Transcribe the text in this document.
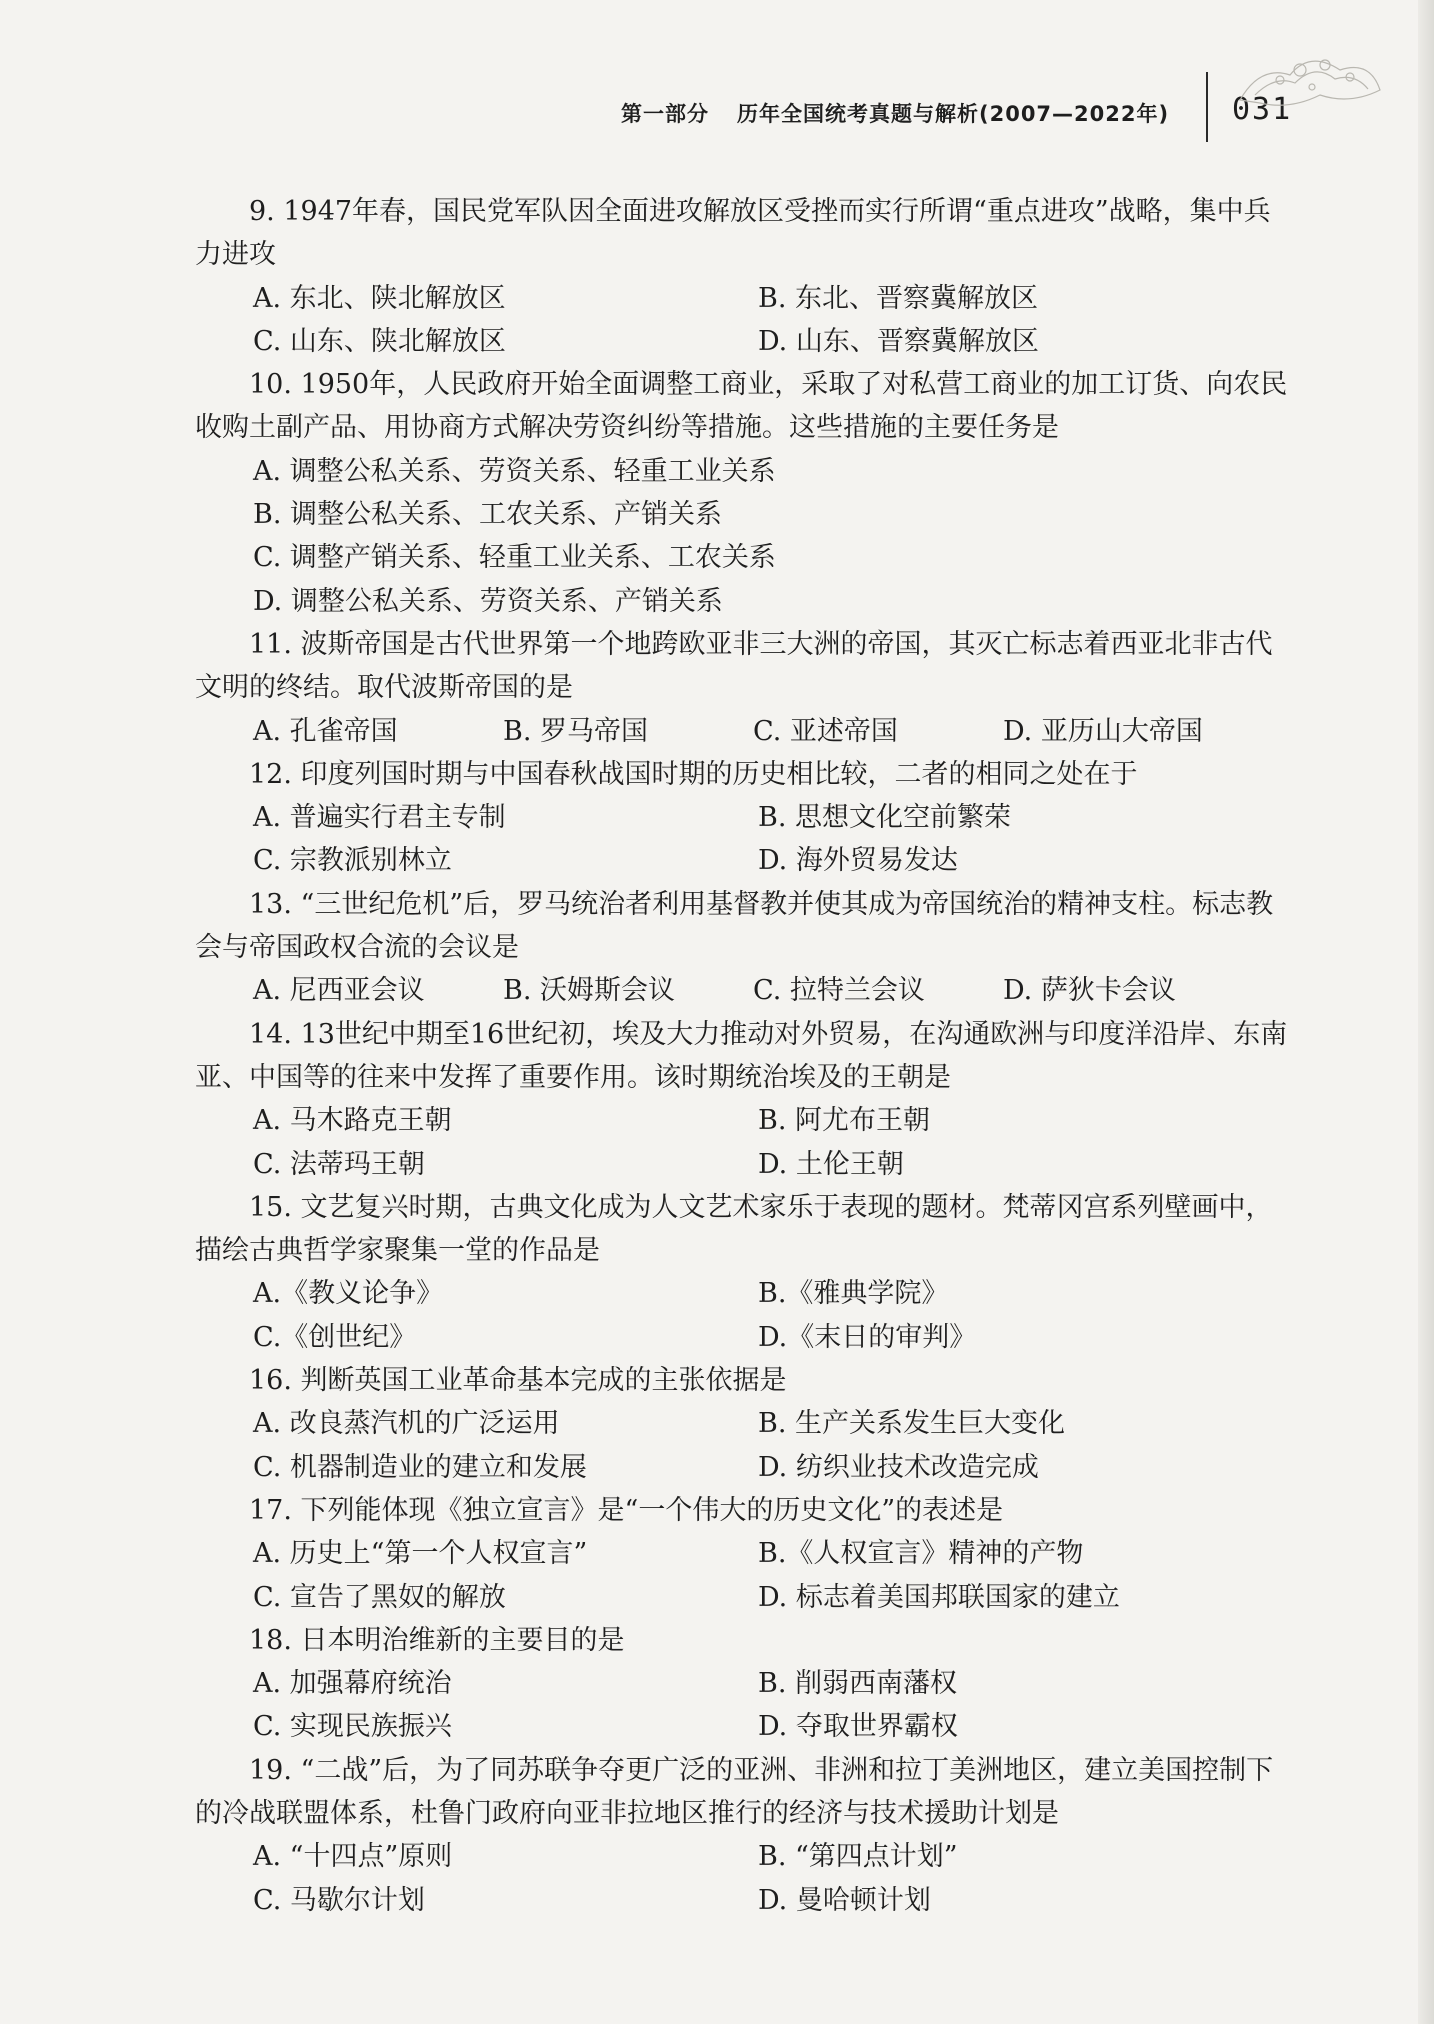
第一部分 历年全国统考真题与解析(2007—2022年) 031

9. 1947年春，国民党军队因全面进攻解放区受挫而实行所谓“重点进攻”战略，集中兵力进攻

A. 东北、陕北解放区	B. 东北、晋察冀解放区
C. 山东、陕北解放区	D. 山东、晋察冀解放区

10. 1950年，人民政府开始全面调整工商业，采取了对私营工商业的加工订货、向农民收购土副产品、用协商方式解决劳资纠纷等措施。这些措施的主要任务是

A. 调整公私关系、劳资关系、轻重工业关系
B. 调整公私关系、工农关系、产销关系
C. 调整产销关系、轻重工业关系、工农关系
D. 调整公私关系、劳资关系、产销关系

11. 波斯帝国是古代世界第一个地跨欧亚非三大洲的帝国，其灭亡标志着西亚北非古代文明的终结。取代波斯帝国的是

A. 孔雀帝国	B. 罗马帝国	C. 亚述帝国	D. 亚历山大帝国

12. 印度列国时期与中国春秋战国时期的历史相比较，二者的相同之处在于

A. 普遍实行君主专制	B. 思想文化空前繁荣
C. 宗教派别林立	D. 海外贸易发达

13. “三世纪危机”后，罗马统治者利用基督教并使其成为帝国统治的精神支柱。标志教会与帝国政权合流的会议是

A. 尼西亚会议	B. 沃姆斯会议	C. 拉特兰会议	D. 萨狄卡会议

14. 13世纪中期至16世纪初，埃及大力推动对外贸易，在沟通欧洲与印度洋沿岸、东南亚、中国等的往来中发挥了重要作用。该时期统治埃及的王朝是

A. 马木路克王朝	B. 阿尤布王朝
C. 法蒂玛王朝	D. 土伦王朝

15. 文艺复兴时期，古典文化成为人文艺术家乐于表现的题材。梵蒂冈宫系列壁画中，描绘古典哲学家聚集一堂的作品是

A.《教义论争》	B.《雅典学院》
C.《创世纪》	D.《末日的审判》

16. 判断英国工业革命基本完成的主张依据是

A. 改良蒸汽机的广泛运用	B. 生产关系发生巨大变化
C. 机器制造业的建立和发展	D. 纺织业技术改造完成

17. 下列能体现《独立宣言》是“一个伟大的历史文化”的表述是

A. 历史上“第一个人权宣言”	B.《人权宣言》精神的产物
C. 宣告了黑奴的解放	D. 标志着美国邦联国家的建立

18. 日本明治维新的主要目的是

A. 加强幕府统治	B. 削弱西南藩权
C. 实现民族振兴	D. 夺取世界霸权

19. “二战”后，为了同苏联争夺更广泛的亚洲、非洲和拉丁美洲地区，建立美国控制下的冷战联盟体系，杜鲁门政府向亚非拉地区推行的经济与技术援助计划是

A. “十四点”原则	B. “第四点计划”
C. 马歇尔计划	D. 曼哈顿计划
